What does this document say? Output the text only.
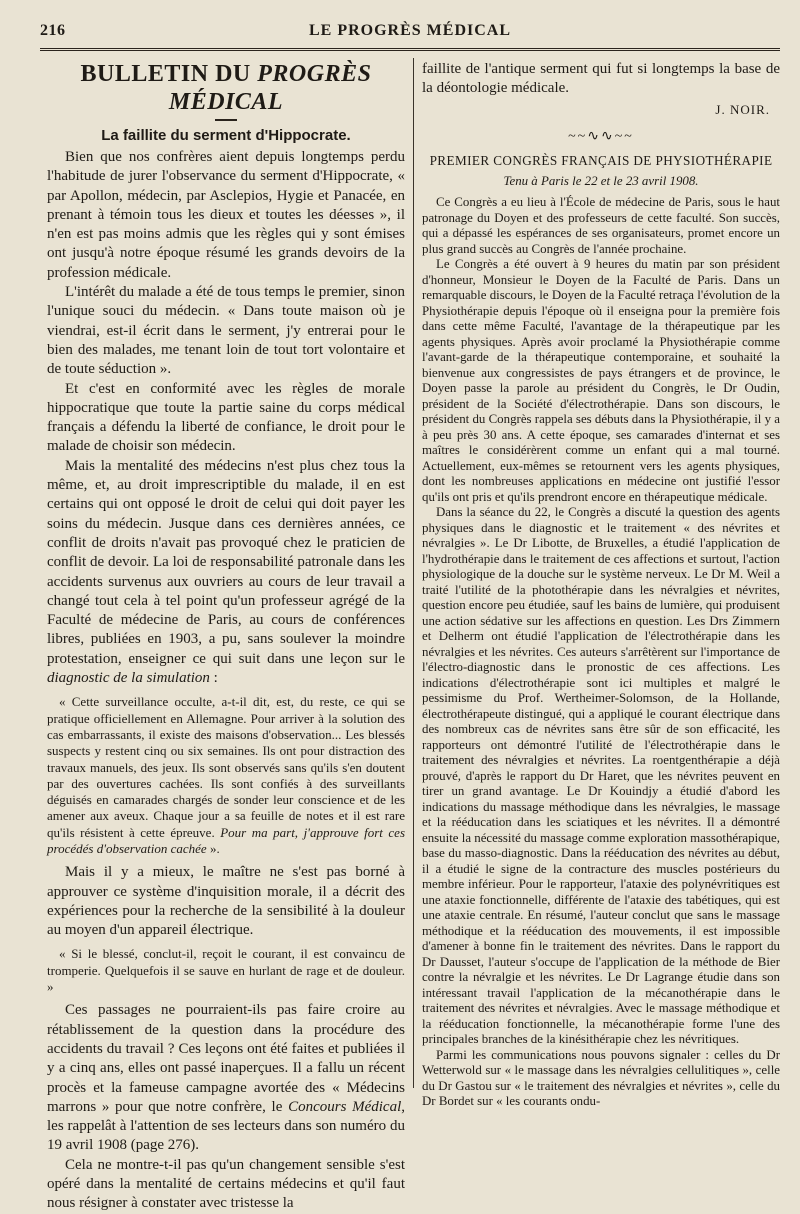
216	LE PROGRÈS MÉDICAL
BULLETIN DU PROGRÈS MÉDICAL
La faillite du serment d'Hippocrate.

Bien que nos confrères aient depuis longtemps perdu l'habitude de jurer l'observance du serment d'Hippocrate, « par Apollon, médecin, par Asclepios, Hygie et Panacée, en prenant à témoin tous les dieux et toutes les déesses », il n'en est pas moins admis que les règles qui y sont émises ont jusqu'à notre époque résumé les grands devoirs de la profession médicale.

L'intérêt du malade a été de tous temps le premier, sinon l'unique souci du médecin. « Dans toute maison où je viendrai, est-il écrit dans le serment, j'y entrerai pour le bien des malades, me tenant loin de tout tort volontaire et de toute séduction ».

Et c'est en conformité avec les règles de morale hippocratique que toute la partie saine du corps médical français a défendu la liberté de confiance, le droit pour le malade de choisir son médecin.

Mais la mentalité des médecins n'est plus chez tous la même, et, au droit imprescriptible du malade, il en est certains qui ont opposé le droit de celui qui doit payer les soins du médecin. Jusque dans ces dernières années, ce conflit de droits n'avait pas provoqué chez le praticien de conflit de devoir. La loi de responsabilité patronale dans les accidents survenus aux ouvriers au cours de leur travail a changé tout cela à tel point qu'un professeur agrégé de la Faculté de médecine de Paris, au cours de conférences libres, publiées en 1903, a pu, sans soulever la moindre protestation, enseigner ce qui suit dans une leçon sur le diagnostic de la simulation :

« Cette surveillance occulte, a-t-il dit, est, du reste, ce qui se pratique officiellement en Allemagne. Pour arriver à la solution des cas embarrassants, il existe des maisons d'observation... Les blessés suspects y restent cinq ou six semaines. Ils ont pour distraction des travaux manuels, des jeux. Ils sont observés sans qu'ils s'en doutent par des ouvertures cachées. Ils sont confiés à des surveillants déguisés en camarades chargés de sonder leur conscience et de les amener aux aveux. Chaque jour a sa feuille de notes et il est rare qu'ils résistent à cette épreuve. Pour ma part, j'approuve fort ces procédés d'observation cachée ».

Mais il y a mieux, le maître ne s'est pas borné à approuver ce système d'inquisition morale, il a décrit des expériences pour la recherche de la sensibilité à la douleur au moyen d'un appareil électrique.

« Si le blessé, conclut-il, reçoit le courant, il est convaincu de tromperie. Quelquefois il se sauve en hurlant de rage et de douleur. »

Ces passages ne pourraient-ils pas faire croire au rétablissement de la question dans la procédure des accidents du travail ? Ces leçons ont été faites et publiées il y a cinq ans, elles ont passé inaperçues. Il a fallu un récent procès et la fameuse campagne avortée des « Médecins marrons » pour que notre confrère, le Concours Médical, les rappelât à l'attention de ses lecteurs dans son numéro du 19 avril 1908 (page 276).

Cela ne montre-t-il pas qu'un changement sensible s'est opéré dans la mentalité de certains médecins et qu'il faut nous résigner à constater avec tristesse la

faillite de l'antique serment qui fut si longtemps la base de la déontologie médicale.

J. NOIR.
~~∿∿~~
PREMIER CONGRÈS FRANÇAIS DE PHYSIOTHÉRAPIE
Tenu à Paris le 22 et le 23 avril 1908.

Ce Congrès a eu lieu à l'École de médecine de Paris, sous le haut patronage du Doyen et des professeurs de cette faculté. Son succès, qui a dépassé les espérances de ses organisateurs, promet encore un plus grand succès au Congrès de l'année prochaine.

Le Congrès a été ouvert à 9 heures du matin par son président d'honneur, Monsieur le Doyen de la Faculté de Paris. Dans un remarquable discours, le Doyen de la Faculté retraça l'évolution de la Physiothérapie depuis l'époque où il enseigna pour la première fois dans cette même Faculté, l'avantage de la thérapeutique par les agents physiques. Après avoir proclamé la Physiothérapie comme l'avant-garde de la thérapeutique contemporaine, et souhaité la bienvenue aux congressistes de pays étrangers et de province, le Doyen passe la parole au président du Congrès, le Dr Oudin, président de la Société d'électrothérapie. Dans son discours, le président du Congrès rappela ses débuts dans la Physiothérapie, il y a à peu près 30 ans. A cette époque, ses camarades d'internat et ses maîtres le considérèrent comme un enfant qui a mal tourné. Actuellement, eux-mêmes se retournent vers les agents physiques, dont les nombreuses applications en médecine ont justifié l'essor qu'ils ont pris et qu'ils prendront encore en thérapeutique médicale.

Dans la séance du 22, le Congrès a discuté la question des agents physiques dans le diagnostic et le traitement « des névrites et névralgies ». Le Dr Libotte, de Bruxelles, a étudié l'application de l'hydrothérapie dans le traitement de ces affections et surtout, l'action physiologique de la douche sur le système nerveux. Le Dr M. Weil a traité l'utilité de la photothérapie dans les névralgies et névrites, question encore peu étudiée, sauf les bains de lumière, qui produisent une action sédative sur les affections en question. Les Drs Zimmern et Delherm ont étudié l'application de l'électrothérapie dans les névralgies et les névrites. Ces auteurs s'arrêtèrent sur l'importance de l'électro-diagnostic dans le pronostic de ces affections. Les indications d'électrothérapie sont ici multiples et malgré le pessimisme du Prof. Wertheimer-Solomson, de la Hollande, électrothérapeute distingué, qui a appliqué le courant électrique dans des nombreux cas de névrites sans être sûr de son efficacité, les rapporteurs ont démontré l'utilité de l'électrothérapie dans le traitement des névralgies et névrites. La roentgenthérapie a déjà prouvé, d'après le rapport du Dr Haret, que les névrites peuvent en tirer un grand avantage. Le Dr Kouindjy a étudié d'abord les indications du massage méthodique dans les névralgies, le massage et la rééducation dans les sciatiques et les névrites. Il a démontré ensuite la nécessité du massage comme exploration massothérapique, base du masso-diagnostic. Dans la rééducation des névrites au début, il a étudié le signe de la contracture des muscles postérieurs du membre inférieur. Pour le rapporteur, l'ataxie des polynévritiques est une ataxie fonctionnelle, différente de l'ataxie des tabétiques, qui est une ataxie centrale. En résumé, l'auteur conclut que sans le massage méthodique et la rééducation des mouvements, il est impossible d'amener à bonne fin le traitement des névrites. Dans le rapport du Dr Dausset, l'auteur s'occupe de l'application de la méthode de Bier contre la névralgie et les névrites. Le Dr Lagrange étudie dans son intéressant travail l'application de la mécanothérapie dans le traitement des névrites et névralgies. Avec le massage méthodique et la rééducation fonctionnelle, la mécanothérapie forme l'une des principales branches de la kinésithérapie chez les névritiques.

Parmi les communications nous pouvons signaler : celles du Dr Wetterwold sur « le massage dans les névralgies cellulitiques », celle du Dr Gastou sur « le traitement des névralgies et névrites », celle du Dr Bordet sur « les courants ondu-
